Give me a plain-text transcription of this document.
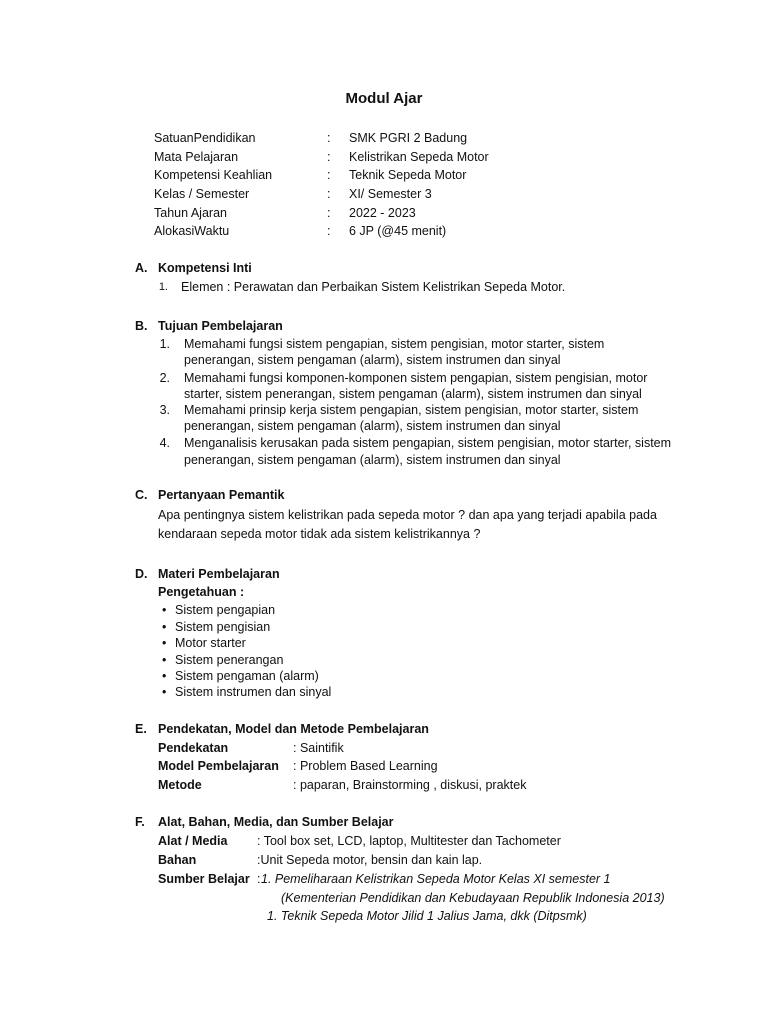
Modul Ajar
SatuanPendidikan	: SMK PGRI 2 Badung
Mata Pelajaran	: Kelistrikan Sepeda Motor
Kompetensi Keahlian	: Teknik Sepeda Motor
Kelas / Semester	: XI/ Semester 3
Tahun Ajaran	: 2022 - 2023
AlokasiWaktu	: 6 JP (@45 menit)
A. Kompetensi Inti
1. Elemen : Perawatan dan Perbaikan Sistem Kelistrikan Sepeda Motor.
B. Tujuan Pembelajaran
1. Memahami fungsi sistem pengapian, sistem pengisian, motor starter, sistem
penerangan, sistem pengaman (alarm), sistem instrumen dan sinyal
2. Memahami fungsi komponen-komponen sistem pengapian, sistem pengisian, motor
starter, sistem penerangan, sistem pengaman (alarm), sistem instrumen dan sinyal
3. Memahami prinsip kerja sistem pengapian, sistem pengisian, motor starter, sistem
penerangan, sistem pengaman (alarm), sistem instrumen dan sinyal
4. Menganalisis kerusakan pada sistem pengapian, sistem pengisian, motor starter, sistem
penerangan, sistem pengaman (alarm), sistem instrumen dan sinyal
C. Pertanyaan Pemantik
Apa pentingnya sistem kelistrikan pada sepeda motor ? dan apa yang terjadi apabila pada
kendaraan sepeda motor tidak ada sistem kelistrikannya ?
D. Materi Pembelajaran
Pengetahuan :
• Sistem pengapian
• Sistem pengisian
• Motor starter
• Sistem penerangan
• Sistem pengaman (alarm)
• Sistem instrumen dan sinyal
E. Pendekatan, Model dan Metode Pembelajaran
Pendekatan	: Saintifik
Model Pembelajaran : Problem Based Learning
Metode	: paparan, Brainstorming , diskusi, praktek
F. Alat, Bahan, Media, dan Sumber Belajar
Alat / Media : Tool box set, LCD, laptop, Multitester dan Tachometer
Bahan	:Unit Sepeda motor, bensin dan kain lap.
Sumber Belajar : 1. Pemeliharaan Kelistrikan Sepeda Motor Kelas XI semester 1
(Kementerian Pendidikan dan Kebudayaan Republik Indonesia 2013)
1. Teknik Sepeda Motor Jilid 1 Jalius Jama, dkk (Ditpsmk)
